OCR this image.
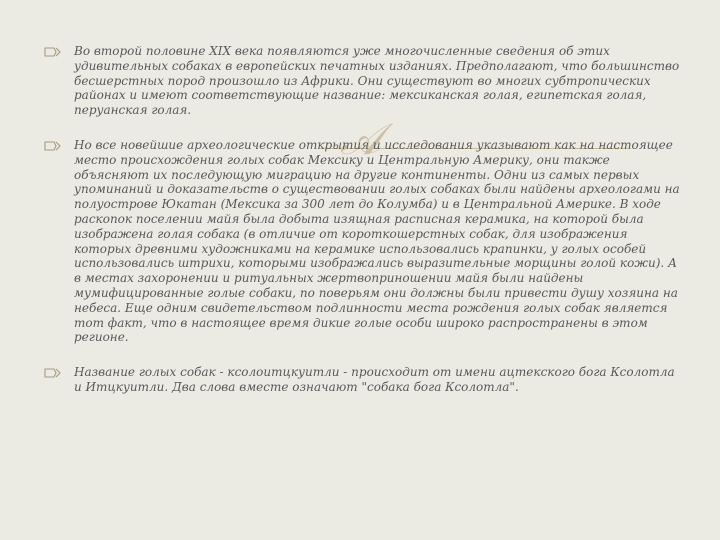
𝒜

Во второй половине XIX века появляются уже многочисленные сведения об этих удивительных собаках в европейских печатных изданиях. Предполагают, что большинство бесшерстных пород произошло из Африки. Они существуют во многих субтропических районах и имеют соответствующие название: мексиканская голая, египетская голая, перуанская голая.

Но все новейшие археологические открытия и исследования указывают как на настоящее место происхождения голых собак Мексику и Центральную Америку, они также объясняют их последующую миграцию на другие континенты. Одни из самых первых упоминаний и доказательств о существовании голых собаках были найдены археологами на полуострове Юкатан (Мексика за 300 лет до Колумба) и в Центральной Америке. В ходе раскопок поселении майя была добыта изящная расписная керамика, на которой была изображена голая собака (в отличие от короткошерстных собак, для изображения которых древними художниками на керамике использовались крапинки, у голых особей использовались штрихи, которыми изображались выразительные морщины голой кожи). А в местах захоронении и ритуальных жертвоприношении майя были найдены мумифицированные голые собаки, по поверьям они должны были привести душу хозяина на небеса. Еще одним свидетельством подлинности места рождения голых собак является тот факт, что в настоящее время дикие голые особи широко распространены в этом регионе.

Название голых собак - ксолоитцкуитли - происходит от имени ацтекского бога Ксолотла и Итцкуитли. Два слова вместе означают "собака бога Ксолотла".
